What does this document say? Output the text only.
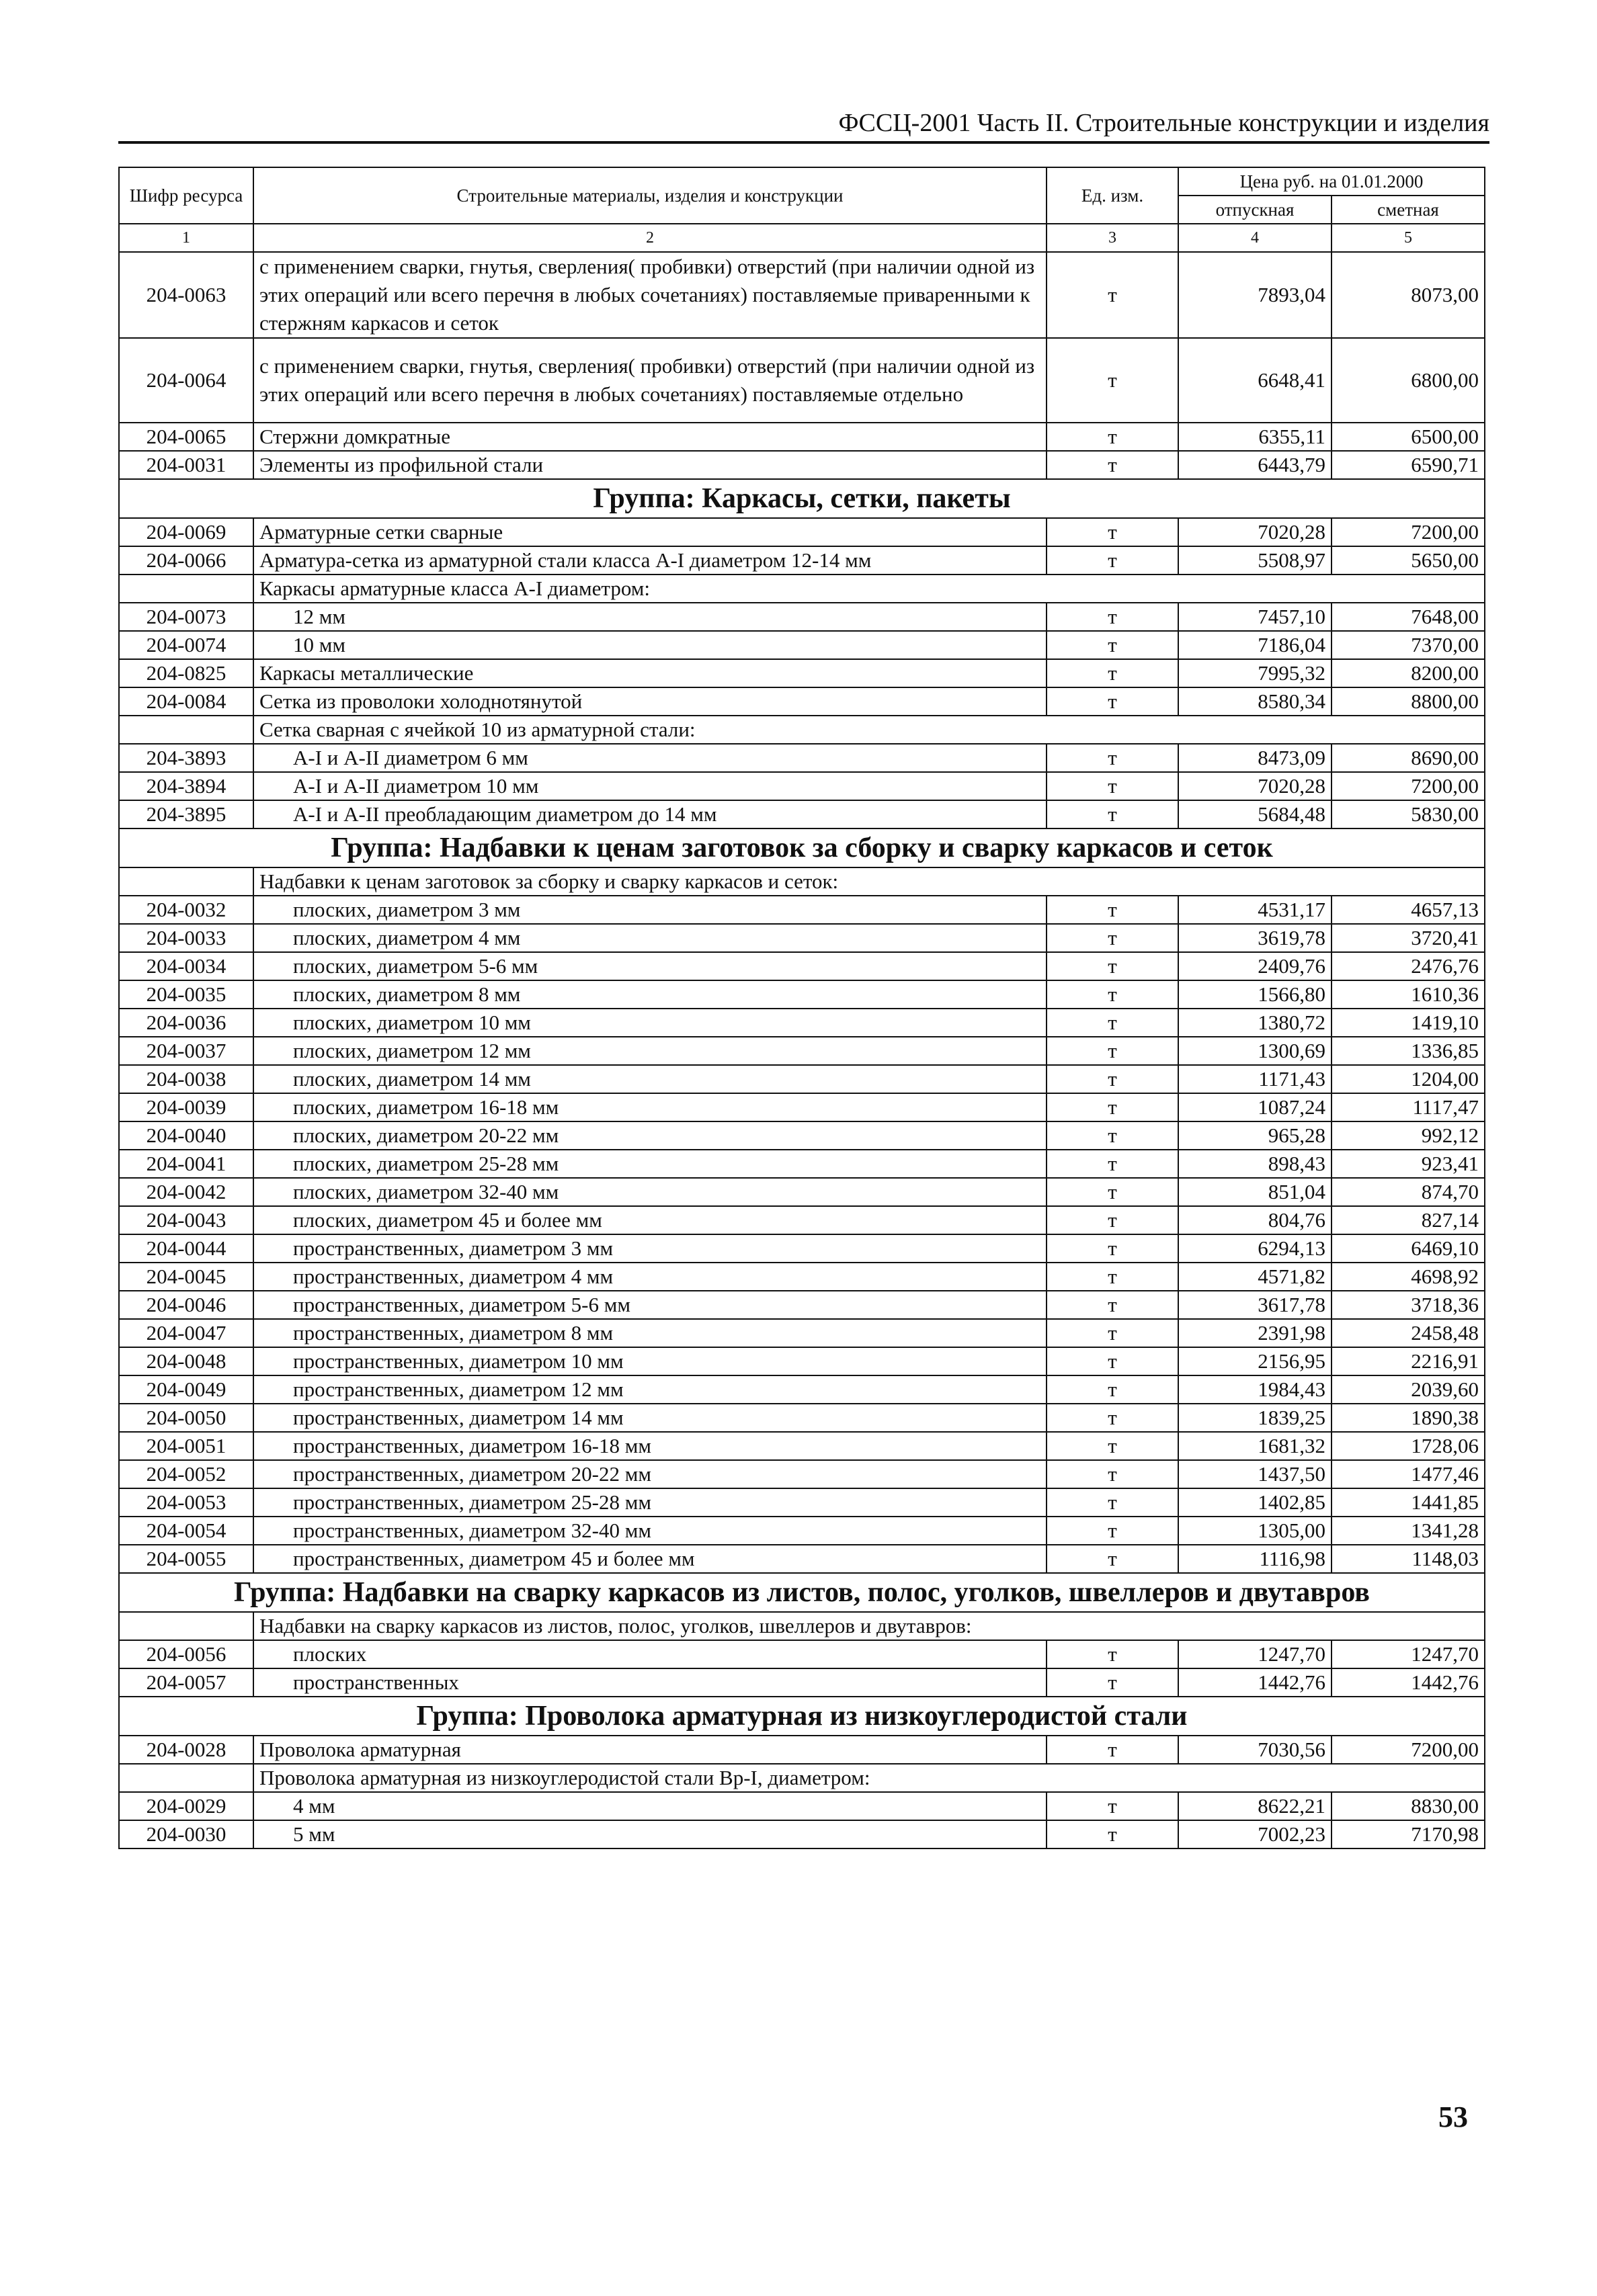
ФССЦ-2001 Часть II. Строительные конструкции и изделия
Шифр ресурса	Строительные материалы, изделия и конструкции	Ед. изм.	Цена руб. на 01.01.2000	
			отпускная	сметная
1	2	3	4	5
204-0063	с применением сварки, гнутья, сверления( пробивки) отверстий (при наличии одной из этих операций или всего перечня в любых сочетаниях) поставляемые приваренными к стержням каркасов и сеток	т	7893,04	8073,00
204-0064	с применением сварки, гнутья, сверления( пробивки) отверстий (при наличии одной из этих операций или всего перечня в любых сочетаниях) поставляемые отдельно	т	6648,41	6800,00
204-0065	Стержни домкратные	т	6355,11	6500,00
204-0031	Элементы из профильной стали	т	6443,79	6590,71
Группа: Каркасы, сетки, пакеты				
204-0069	Арматурные сетки сварные	т	7020,28	7200,00
204-0066	Арматура-сетка из арматурной стали класса А-I диаметром 12-14 мм	т	5508,97	5650,00
	Каркасы арматурные класса А-I диаметром:			
204-0073	12 мм	т	7457,10	7648,00
204-0074	10 мм	т	7186,04	7370,00
204-0825	Каркасы металлические	т	7995,32	8200,00
204-0084	Сетка из проволоки холоднотянутой	т	8580,34	8800,00
	Сетка сварная с ячейкой 10 из арматурной стали:			
204-3893	А-I и А-II диаметром 6 мм	т	8473,09	8690,00
204-3894	А-I и А-II диаметром 10 мм	т	7020,28	7200,00
204-3895	А-I и А-II преобладающим диаметром до 14 мм	т	5684,48	5830,00
Группа: Надбавки к ценам заготовок за сборку и сварку каркасов и сеток				
	Надбавки к ценам заготовок за сборку и сварку каркасов и сеток:			
204-0032	плоских, диаметром 3 мм	т	4531,17	4657,13
204-0033	плоских, диаметром 4 мм	т	3619,78	3720,41
204-0034	плоских, диаметром 5-6 мм	т	2409,76	2476,76
204-0035	плоских, диаметром 8 мм	т	1566,80	1610,36
204-0036	плоских, диаметром 10 мм	т	1380,72	1419,10
204-0037	плоских, диаметром 12 мм	т	1300,69	1336,85
204-0038	плоских, диаметром 14 мм	т	1171,43	1204,00
204-0039	плоских, диаметром 16-18 мм	т	1087,24	1117,47
204-0040	плоских, диаметром 20-22 мм	т	965,28	992,12
204-0041	плоских, диаметром 25-28 мм	т	898,43	923,41
204-0042	плоских, диаметром 32-40 мм	т	851,04	874,70
204-0043	плоских, диаметром 45 и более мм	т	804,76	827,14
204-0044	пространственных, диаметром 3 мм	т	6294,13	6469,10
204-0045	пространственных, диаметром 4 мм	т	4571,82	4698,92
204-0046	пространственных, диаметром 5-6 мм	т	3617,78	3718,36
204-0047	пространственных, диаметром 8 мм	т	2391,98	2458,48
204-0048	пространственных, диаметром 10 мм	т	2156,95	2216,91
204-0049	пространственных, диаметром 12 мм	т	1984,43	2039,60
204-0050	пространственных, диаметром 14 мм	т	1839,25	1890,38
204-0051	пространственных, диаметром 16-18 мм	т	1681,32	1728,06
204-0052	пространственных, диаметром 20-22 мм	т	1437,50	1477,46
204-0053	пространственных, диаметром 25-28 мм	т	1402,85	1441,85
204-0054	пространственных, диаметром 32-40 мм	т	1305,00	1341,28
204-0055	пространственных, диаметром 45 и более мм	т	1116,98	1148,03
Группа: Надбавки на сварку каркасов из листов, полос, уголков, швеллеров и двутавров				
	Надбавки на сварку каркасов из листов, полос, уголков, швеллеров и двутавров:			
204-0056	плоских	т	1247,70	1247,70
204-0057	пространственных	т	1442,76	1442,76
Группа: Проволока арматурная из низкоуглеродистой стали				
204-0028	Проволока арматурная	т	7030,56	7200,00
	Проволока арматурная из низкоуглеродистой стали Вр-I, диаметром:			
204-0029	4 мм	т	8622,21	8830,00
204-0030	5 мм	т	7002,23	7170,98
53
